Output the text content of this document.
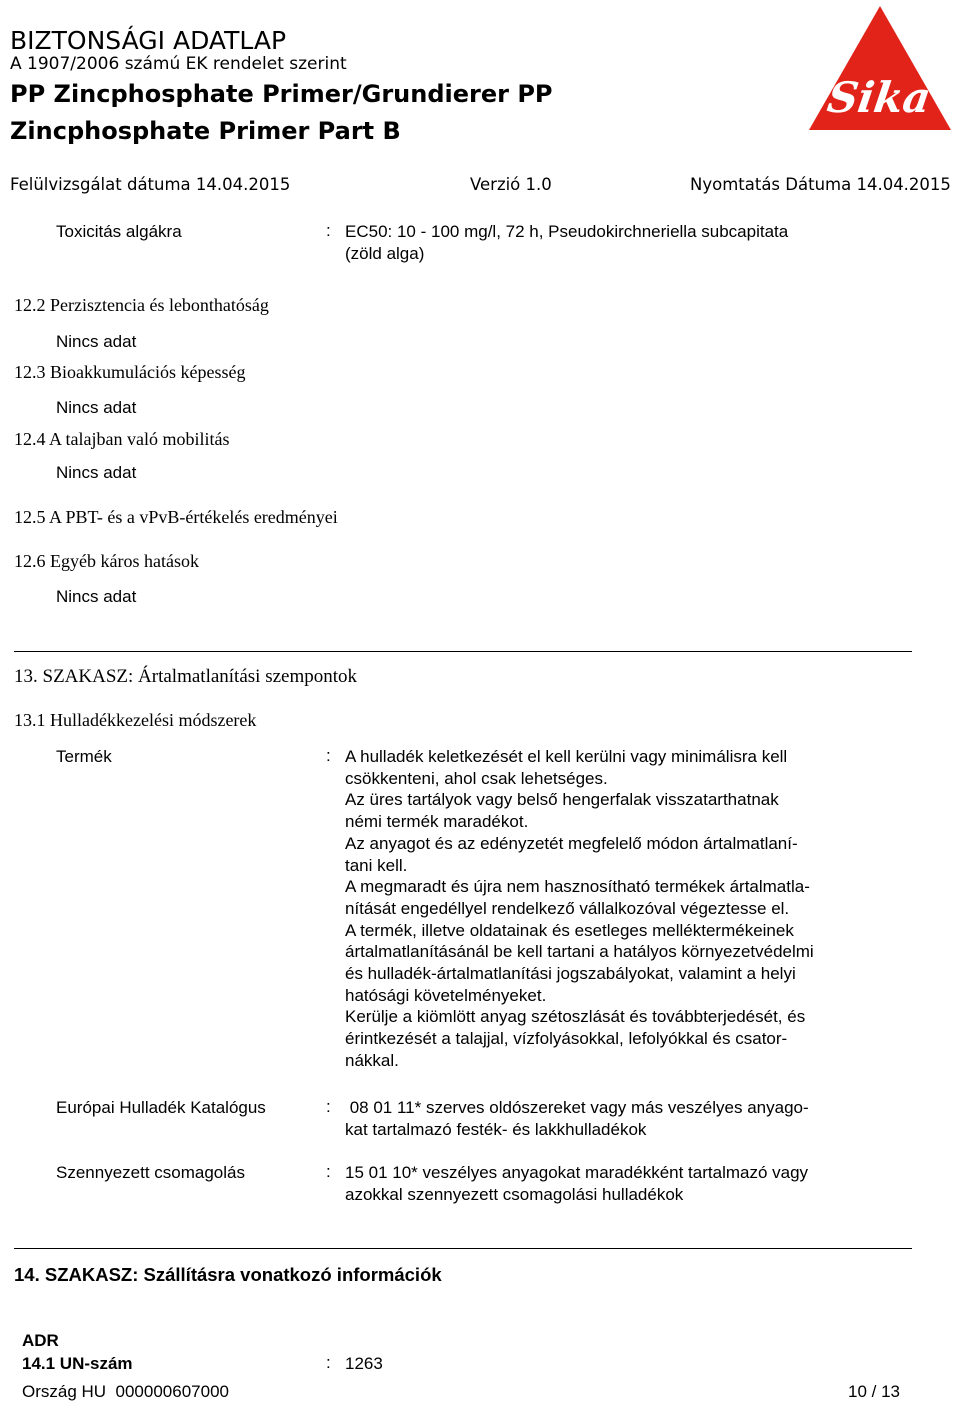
BIZTONSÁGI ADATLAP
A 1907/2006 számú EK rendelet szerint
PP Zincphosphate Primer/Grundierer PP
Zincphosphate Primer Part B
Felülvizsgálat dátuma 14.04.2015	Verzió 1.0	Nyomtatás Dátuma 14.04.2015
Sika
®
Toxicitás algákra	: EC50: 10 - 100 mg/l, 72 h, Pseudokirchneriella subcapitata
(zöld alga)
12.2 Perzisztencia és lebonthatóság
Nincs adat
12.3 Bioakkumulációs képesség
Nincs adat
12.4 A talajban való mobilitás
Nincs adat
12.5 A PBT- és a vPvB-értékelés eredményei
12.6 Egyéb káros hatások
Nincs adat
13. SZAKASZ: Ártalmatlanítási szempontok
13.1 Hulladékkezelési módszerek
Termék	: A hulladék keletkezését el kell kerülni vagy minimálisra kell
csökkenteni, ahol csak lehetséges.
Az üres tartályok vagy belső hengerfalak visszatarthatnak
némi termék maradékot.
Az anyagot és az edényzetét megfelelő módon ártalmatlaní-
tani kell.
A megmaradt és újra nem hasznosítható termékek ártalmatla-
nítását engedéllyel rendelkező vállalkozóval végeztesse el.
A termék, illetve oldatainak és esetleges melléktermékeinek
ártalmatlanításánál be kell tartani a hatályos környezetvédelmi
és hulladék-ártalmatlanítási jogszabályokat, valamint a helyi
hatósági követelményeket.
Kerülje a kiömlött anyag szétoszlását és továbbterjedését, és
érintkezését a talajjal, vízfolyásokkal, lefolyókkal és csator-
nákkal.
Európai Hulladék Katalógus	: 08 01 11* szerves oldószereket vagy más veszélyes anyago-
kat tartalmazó festék- és lakkhulladékok
Szennyezett csomagolás	: 15 01 10* veszélyes anyagokat maradékként tartalmazó vagy
azokkal szennyezett csomagolási hulladékok
14. SZAKASZ: Szállításra vonatkozó információk
ADR
14.1 UN-szám	: 1263
Ország HU  000000607000	10 / 13
